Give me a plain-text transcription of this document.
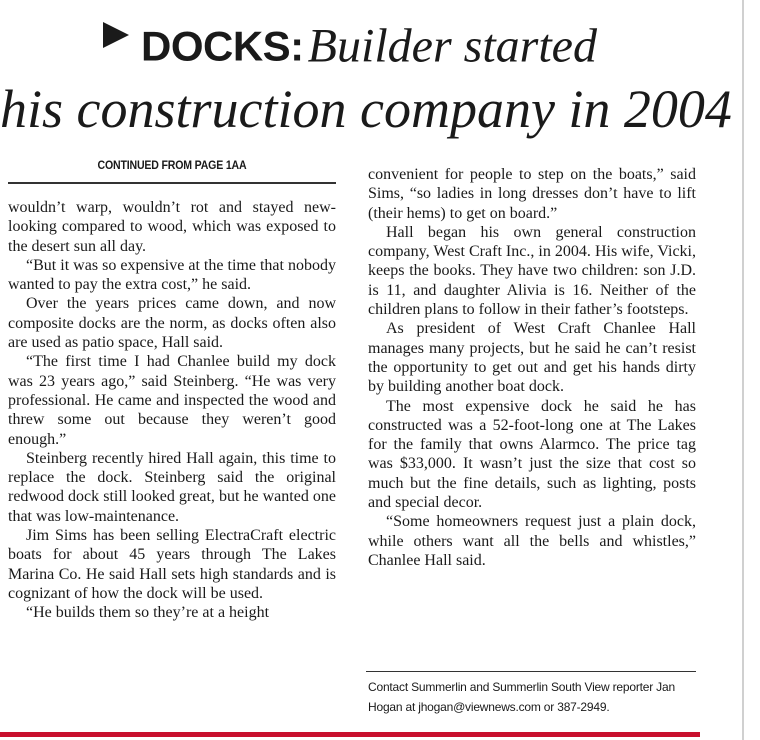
DOCKS: Builder started
his construction company in 2004
CONTINUED FROM PAGE 1AA

wouldn’t warp, wouldn’t rot and stayed new-looking compared to wood, which was exposed to the desert sun all day.

“But it was so expensive at the time that nobody wanted to pay the extra cost,” he said.

Over the years prices came down, and now composite docks are the norm, as docks often also are used as patio space, Hall said.

“The first time I had Chanlee build my dock was 23 years ago,” said Steinberg. “He was very professional. He came and inspected the wood and threw some out because they weren’t good enough.”

Steinberg recently hired Hall again, this time to replace the dock. Steinberg said the original redwood dock still looked great, but he wanted one that was low-maintenance.

Jim Sims has been selling ElectraCraft electric boats for about 45 years through The Lakes Marina Co. He said Hall sets high standards and is cognizant of how the dock will be used.

“He builds them so they’re at a height

convenient for people to step on the boats,” said Sims, “so ladies in long dresses don’t have to lift (their hems) to get on board.”

Hall began his own general construction company, West Craft Inc., in 2004. His wife, Vicki, keeps the books. They have two children: son J.D. is 11, and daughter Alivia is 16. Neither of the children plans to follow in their father’s footsteps.

As president of West Craft Chanlee Hall manages many projects, but he said he can’t resist the opportunity to get out and get his hands dirty by building another boat dock.

The most expensive dock he said he has constructed was a 52-foot-long one at The Lakes for the family that owns Alarmco. The price tag was $33,000. It wasn’t just the size that cost so much but the fine details, such as lighting, posts and special decor.

“Some homeowners request just a plain dock, while others want all the bells and whistles,” Chanlee Hall said.

Contact Summerlin and Summerlin South View reporter Jan Hogan at jhogan@viewnews.com or 387-2949.
